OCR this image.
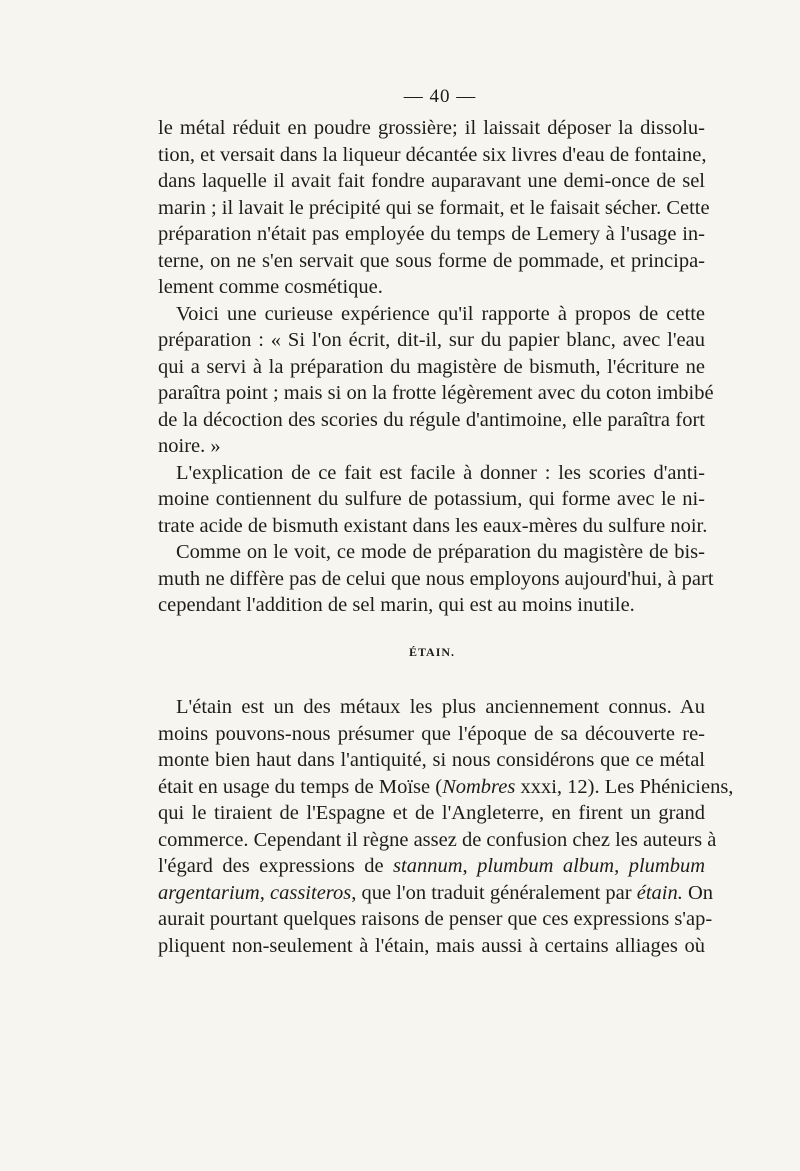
— 40 —
le métal réduit en poudre grossière; il laissait déposer la dissolu-
tion, et versait dans la liqueur décantée six livres d'eau de fontaine,
dans laquelle il avait fait fondre auparavant une demi-once de sel
marin ; il lavait le précipité qui se formait, et le faisait sécher. Cette
préparation n'était pas employée du temps de Lemery à l'usage in-
terne, on ne s'en servait que sous forme de pommade, et principa-
lement comme cosmétique.
Voici une curieuse expérience qu'il rapporte à propos de cette
préparation : « Si l'on écrit, dit-il, sur du papier blanc, avec l'eau
qui a servi à la préparation du magistère de bismuth, l'écriture ne
paraîtra point ; mais si on la frotte légèrement avec du coton imbibé
de la décoction des scories du régule d'antimoine, elle paraîtra fort
noire. »
L'explication de ce fait est facile à donner : les scories d'anti-
moine contiennent du sulfure de potassium, qui forme avec le ni-
trate acide de bismuth existant dans les eaux-mères du sulfure noir.
Comme on le voit, ce mode de préparation du magistère de bis-
muth ne diffère pas de celui que nous employons aujourd'hui, à part
cependant l'addition de sel marin, qui est au moins inutile.
ÉTAIN.
L'étain est un des métaux les plus anciennement connus. Au
moins pouvons-nous présumer que l'époque de sa découverte re-
monte bien haut dans l'antiquité, si nous considérons que ce métal
était en usage du temps de Moïse (Nombres xxxi, 12). Les Phéniciens,
qui le tiraient de l'Espagne et de l'Angleterre, en firent un grand
commerce. Cependant il règne assez de confusion chez les auteurs à
l'égard des expressions de stannum, plumbum album, plumbum
argentarium, cassiteros, que l'on traduit généralement par étain. On
aurait pourtant quelques raisons de penser que ces expressions s'ap-
pliquent non-seulement à l'étain, mais aussi à certains alliages où
